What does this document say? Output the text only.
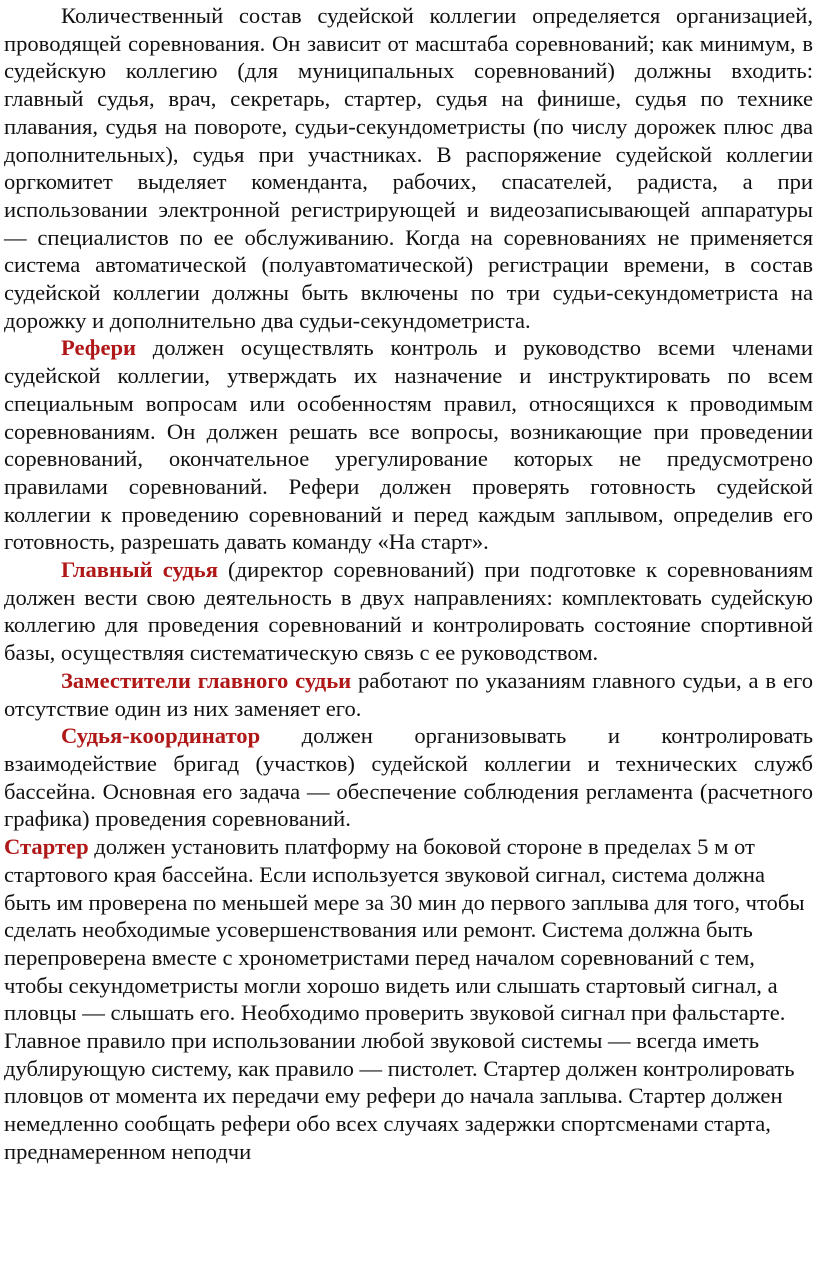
Количественный состав судейской коллегии определяется организацией, проводящей соревнования. Он зависит от масштаба соревнований; как минимум, в судейскую коллегию (для муниципальных соревнований) должны входить: главный судья, врач, секретарь, стартер, судья на финише, судья по технике плавания, судья на повороте, судьи-секундометристы (по числу дорожек плюс два дополнительных), судья при участниках. В распоряжение судейской коллегии оргкомитет выделяет коменданта, рабочих, спасателей, радиста, а при использовании электронной регистрирующей и видеозаписывающей аппаратуры — специалистов по ее обслуживанию. Когда на соревнованиях не применяется система автоматической (полуавтоматической) регистрации времени, в состав судейской коллегии должны быть включены по три судьи-секундометриста на дорожку и дополнительно два судьи-секундометриста.

Рефери должен осуществлять контроль и руководство всеми членами судейской коллегии, утверждать их назначение и инструктировать по всем специальным вопросам или особенностям правил, относящихся к проводимым соревнованиям. Он должен решать все вопросы, возникающие при проведении соревнований, окончательное урегулирование которых не предусмотрено правилами соревнований. Рефери должен проверять готовность судейской коллегии к проведению соревнований и перед каждым заплывом, определив его готовность, разрешать давать команду «На старт».

Главный судья (директор соревнований) при подготовке к соревнованиям должен вести свою деятельность в двух направлениях: комплектовать судейскую коллегию для проведения соревнований и контролировать состояние спортивной базы, осуществляя систематическую связь с ее руководством.

Заместители главного судьи работают по указаниям главного судьи, а в его отсутствие один из них заменяет его.

Судья-координатор должен организовывать и контролировать взаимодействие бригад (участков) судейской коллегии и технических служб бассейна. Основная его задача — обеспечение соблюдения регламента (расчетного графика) проведения соревнований.

Стартер должен установить платформу на боковой стороне в пределах 5 м от стартового края бассейна. Если используется звуковой сигнал, система должна быть им проверена по меньшей мере за 30 мин до первого заплыва для того, чтобы сделать необходимые усовершенствования или ремонт. Система должна быть перепроверена вместе с хронометристами перед началом соревнований с тем, чтобы секундометристы могли хорошо видеть или слышать стартовый сигнал, а пловцы — слышать его. Необходимо проверить звуковой сигнал при фальстарте. Главное правило при использовании любой звуковой системы — всегда иметь дублирующую систему, как правило — пистолет. Стартер должен контролировать пловцов от момента их передачи ему рефери до начала заплыва. Стартер должен немедленно сообщать рефери обо всех случаях задержки спортсменами старта, преднамеренном неподчи
